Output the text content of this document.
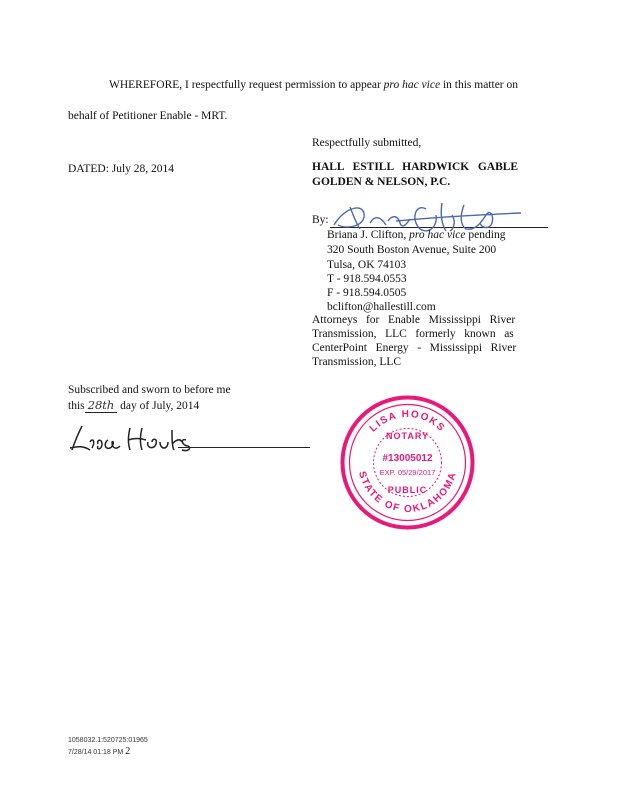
WHEREFORE, I respectfully request permission to appear pro hac vice in this matter on
behalf of Petitioner Enable - MRT.
Respectfully submitted,
DATED: July 28, 2014	HALL   ESTILL   HARDWICK   GABLE
GOLDEN & NELSON, P.C.
By:
Briana J. Clifton, pro hac vice pending
320 South Boston Avenue, Suite 200
Tulsa, OK 74103
T - 918.594.0553
F - 918.594.0505
bclifton@hallestill.com
Attorneys   for   Enable   Mississippi   River
Transmission,   LLC   formerly   known   as
CenterPoint   Energy   -   Mississippi   River
Transmission, LLC
Subscribed and sworn to before me
this 28th day of July, 2014
LISA HOOKS
STATE OF OKLAHOMA
NOTARY
#13005012
EXP. 05/29/2017
PUBLIC
1058032.1:520725:01965
7/28/14 01:18 PM 2
